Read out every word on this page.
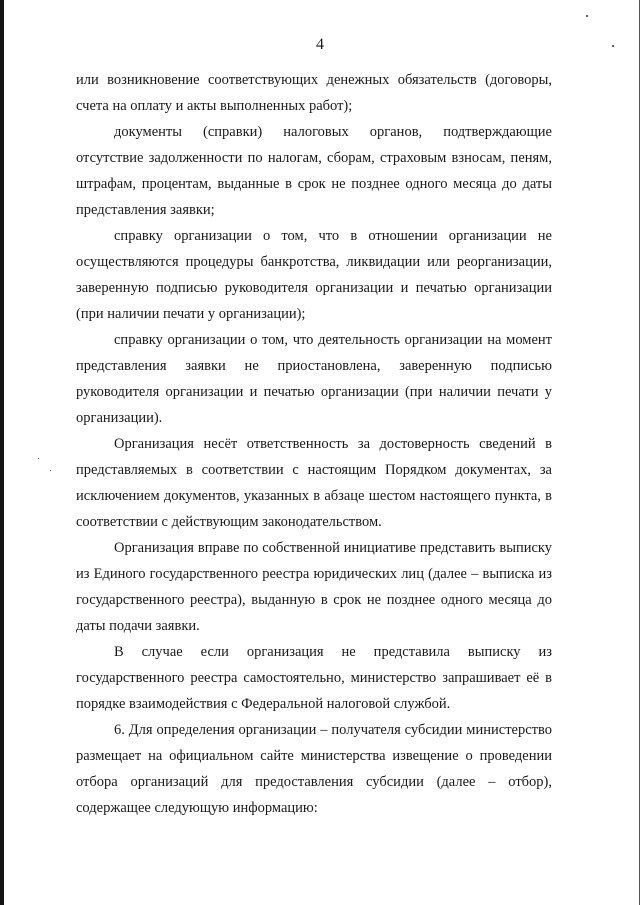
4

или возникновение соответствующих денежных обязательств (договоры, счета на оплату и акты выполненных работ);

документы (справки) налоговых органов, подтверждающие отсутствие задолженности по налогам, сборам, страховым взносам, пеням, штрафам, процентам, выданные в срок не позднее одного месяца до даты представления заявки;

справку организации о том, что в отношении организации не осуществляются процедуры банкротства, ликвидации или реорганизации, заверенную подписью руководителя организации и печатью организации (при наличии печати у организации);

справку организации о том, что деятельность организации на момент представления заявки не приостановлена, заверенную подписью руководителя организации и печатью организации (при наличии печати у организации).

Организация несёт ответственность за достоверность сведений в представляемых в соответствии с настоящим Порядком документах, за исключением документов, указанных в абзаце шестом настоящего пункта, в соответствии с действующим законодательством.

Организация вправе по собственной инициативе представить выписку из Единого государственного реестра юридических лиц (далее – выписка из государственного реестра), выданную в срок не позднее одного месяца до даты подачи заявки.

В случае если организация не представила выписку из государственного реестра самостоятельно, министерство запрашивает её в порядке взаимодействия с Федеральной налоговой службой.

6. Для определения организации – получателя субсидии министерство размещает на официальном сайте министерства извещение о проведении отбора организаций для предоставления субсидии (далее – отбор), содержащее следующую информацию:
